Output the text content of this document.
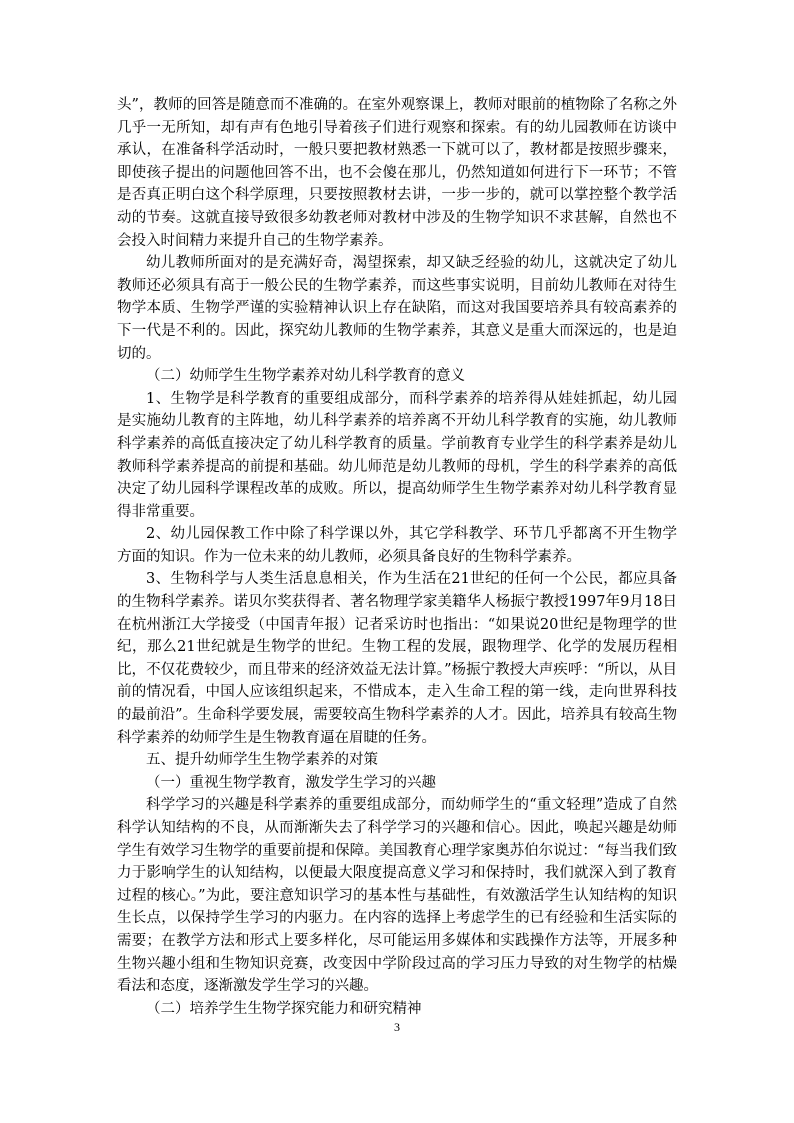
头”，教师的回答是随意而不准确的。在室外观察课上，教师对眼前的植物除了名称之外几乎一无所知，却有声有色地引导着孩子们进行观察和探索。有的幼儿园教师在访谈中承认，在准备科学活动时，一般只要把教材熟悉一下就可以了，教材都是按照步骤来，即使孩子提出的问题他回答不出，也不会傻在那儿，仍然知道如何进行下一环节；不管是否真正明白这个科学原理，只要按照教材去讲，一步一步的，就可以掌控整个教学活动的节奏。这就直接导致很多幼教老师对教材中涉及的生物学知识不求甚解，自然也不会投入时间精力来提升自己的生物学素养。

幼儿教师所面对的是充满好奇，渴望探索，却又缺乏经验的幼儿，这就决定了幼儿教师还必须具有高于一般公民的生物学素养，而这些事实说明，目前幼儿教师在对待生物学本质、生物学严谨的实验精神认识上存在缺陷，而这对我国要培养具有较高素养的下一代是不利的。因此，探究幼儿教师的生物学素养，其意义是重大而深远的，也是迫切的。

（二）幼师学生生物学素养对幼儿科学教育的意义

1、生物学是科学教育的重要组成部分，而科学素养的培养得从娃娃抓起，幼儿园是实施幼儿教育的主阵地，幼儿科学素养的培养离不开幼儿科学教育的实施，幼儿教师科学素养的高低直接决定了幼儿科学教育的质量。学前教育专业学生的科学素养是幼儿教师科学素养提高的前提和基础。幼儿师范是幼儿教师的母机，学生的科学素养的高低决定了幼儿园科学课程改革的成败。所以，提高幼师学生生物学素养对幼儿科学教育显得非常重要。

2、幼儿园保教工作中除了科学课以外，其它学科教学、环节几乎都离不开生物学方面的知识。作为一位未来的幼儿教师，必须具备良好的生物科学素养。

3、生物科学与人类生活息息相关，作为生活在21世纪的任何一个公民，都应具备的生物科学素养。诺贝尔奖获得者、著名物理学家美籍华人杨振宁教授1997年9月18日在杭州浙江大学接受（中国青年报）记者采访时也指出：“如果说20世纪是物理学的世纪，那么21世纪就是生物学的世纪。生物工程的发展，跟物理学、化学的发展历程相比，不仅花费较少，而且带来的经济效益无法计算。”杨振宁教授大声疾呼：“所以，从目前的情况看，中国人应该组织起来，不惜成本，走入生命工程的第一线，走向世界科技的最前沿”。生命科学要发展，需要较高生物科学素养的人才。因此，培养具有较高生物科学素养的幼师学生是生物教育逼在眉睫的任务。

五、提升幼师学生生物学素养的对策

（一）重视生物学教育，激发学生学习的兴趣

科学学习的兴趣是科学素养的重要组成部分，而幼师学生的“重文轻理”造成了自然科学认知结构的不良，从而渐渐失去了科学学习的兴趣和信心。因此，唤起兴趣是幼师学生有效学习生物学的重要前提和保障。美国教育心理学家奥苏伯尔说过：“每当我们致力于影响学生的认知结构，以便最大限度提高意义学习和保持时，我们就深入到了教育过程的核心。”为此，要注意知识学习的基本性与基础性，有效激活学生认知结构的知识生长点，以保持学生学习的内驱力。在内容的选择上考虑学生的已有经验和生活实际的需要；在教学方法和形式上要多样化，尽可能运用多媒体和实践操作方法等，开展多种生物兴趣小组和生物知识竞赛，改变因中学阶段过高的学习压力导致的对生物学的枯燥看法和态度，逐渐激发学生学习的兴趣。

（二）培养学生生物学探究能力和研究精神

3
